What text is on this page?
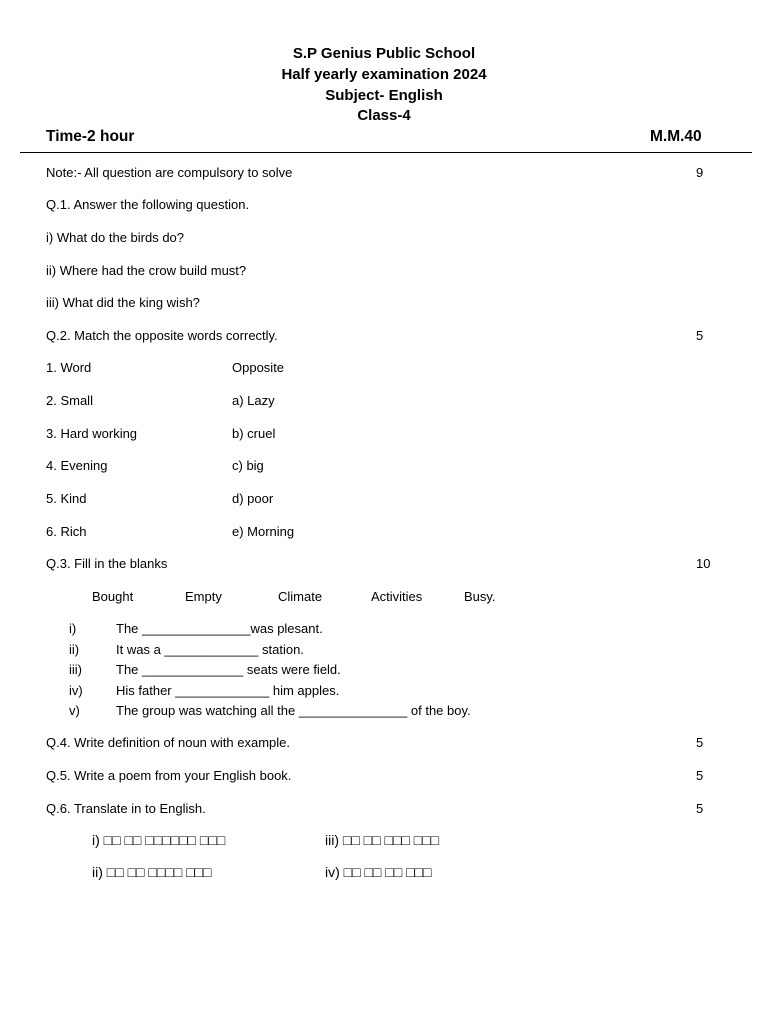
S.P Genius Public School
Half yearly examination 2024
Subject- English
Class-4
Time-2 hour	M.M.40
Note:- All question are compulsory to solve	9
Q.1. Answer the following question.
i) What do the birds do?
ii) Where had the crow build must?
iii) What did the king wish?
Q.2. Match the opposite words correctly.	5
1. Word	Opposite
2. Small	a) Lazy
3. Hard working	b) cruel
4. Evening	c) big
5. Kind	d) poor
6. Rich	e) Morning
Q.3. Fill in the blanks	10
Bought	Empty	Climate	Activities	Busy.
i)	The _______________was plesant.
ii)	It was a _____________ station.
iii)	The ______________ seats were field.
iv)	His father _____________ him apples.
v)	The group was watching all the _______________ of the boy.
Q.4. Write definition of noun with example.	5
Q.5. Write a poem from your English book.	5
Q.6. Translate in to English.	5
i) □□ □□ □□□□□□ □□□	iii) □□ □□ □□□ □□□
ii) □□ □□ □□□□ □□□	iv) □□ □□ □□ □□□
